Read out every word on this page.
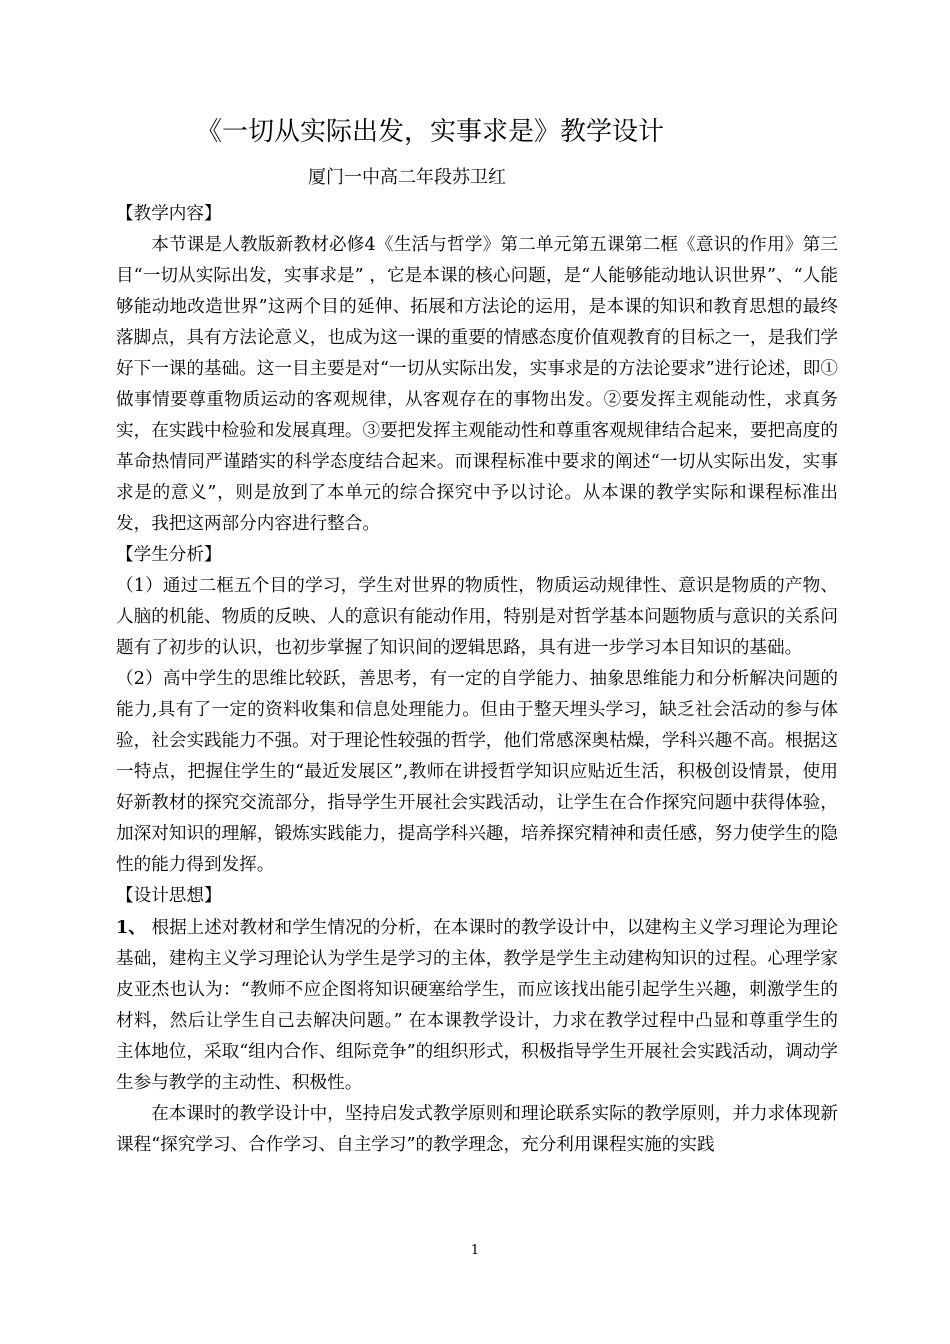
《一切从实际出发，实事求是》教学设计
厦门一中高二年段苏卫红

【教学内容】

本节课是人教版新教材必修4《生活与哲学》第二单元第五课第二框《意识的作用》第三目“一切从实际出发，实事求是” ，它是本课的核心问题，是“人能够能动地认识世界”、“人能够能动地改造世界”这两个目的延伸、拓展和方法论的运用，是本课的知识和教育思想的最终落脚点，具有方法论意义，也成为这一课的重要的情感态度价值观教育的目标之一，是我们学好下一课的基础。这一目主要是对“一切从实际出发，实事求是的方法论要求”进行论述，即①做事情要尊重物质运动的客观规律，从客观存在的事物出发。②要发挥主观能动性，求真务实，在实践中检验和发展真理。③要把发挥主观能动性和尊重客观规律结合起来，要把高度的革命热情同严谨踏实的科学态度结合起来。而课程标准中要求的阐述“一切从实际出发，实事求是的意义”，则是放到了本单元的综合探究中予以讨论。从本课的教学实际和课程标准出发，我把这两部分内容进行整合。

【学生分析】

（1）通过二框五个目的学习，学生对世界的物质性，物质运动规律性、意识是物质的产物、人脑的机能、物质的反映、人的意识有能动作用，特别是对哲学基本问题物质与意识的关系问题有了初步的认识，也初步掌握了知识间的逻辑思路，具有进一步学习本目知识的基础。

（2）高中学生的思维比较跃，善思考，有一定的自学能力、抽象思维能力和分析解决问题的能力,具有了一定的资料收集和信息处理能力。但由于整天埋头学习，缺乏社会活动的参与体验，社会实践能力不强。对于理论性较强的哲学，他们常感深奥枯燥，学科兴趣不高。根据这一特点，把握住学生的“最近发展区”,教师在讲授哲学知识应贴近生活，积极创设情景，使用好新教材的探究交流部分，指导学生开展社会实践活动，让学生在合作探究问题中获得体验，加深对知识的理解，锻炼实践能力，提高学科兴趣，培养探究精神和责任感，努力使学生的隐性的能力得到发挥。

【设计思想】

1、 根据上述对教材和学生情况的分析，在本课时的教学设计中，以建构主义学习理论为理论基础，建构主义学习理论认为学生是学习的主体，教学是学生主动建构知识的过程。心理学家皮亚杰也认为：“教师不应企图将知识硬塞给学生，而应该找出能引起学生兴趣，刺激学生的材料，然后让学生自己去解决问题。” 在本课教学设计，力求在教学过程中凸显和尊重学生的主体地位，采取“组内合作、组际竞争”的组织形式，积极指导学生开展社会实践活动，调动学生参与教学的主动性、积极性。

在本课时的教学设计中，坚持启发式教学原则和理论联系实际的教学原则，并力求体现新课程“探究学习、合作学习、自主学习”的教学理念，充分利用课程实施的实践

1
